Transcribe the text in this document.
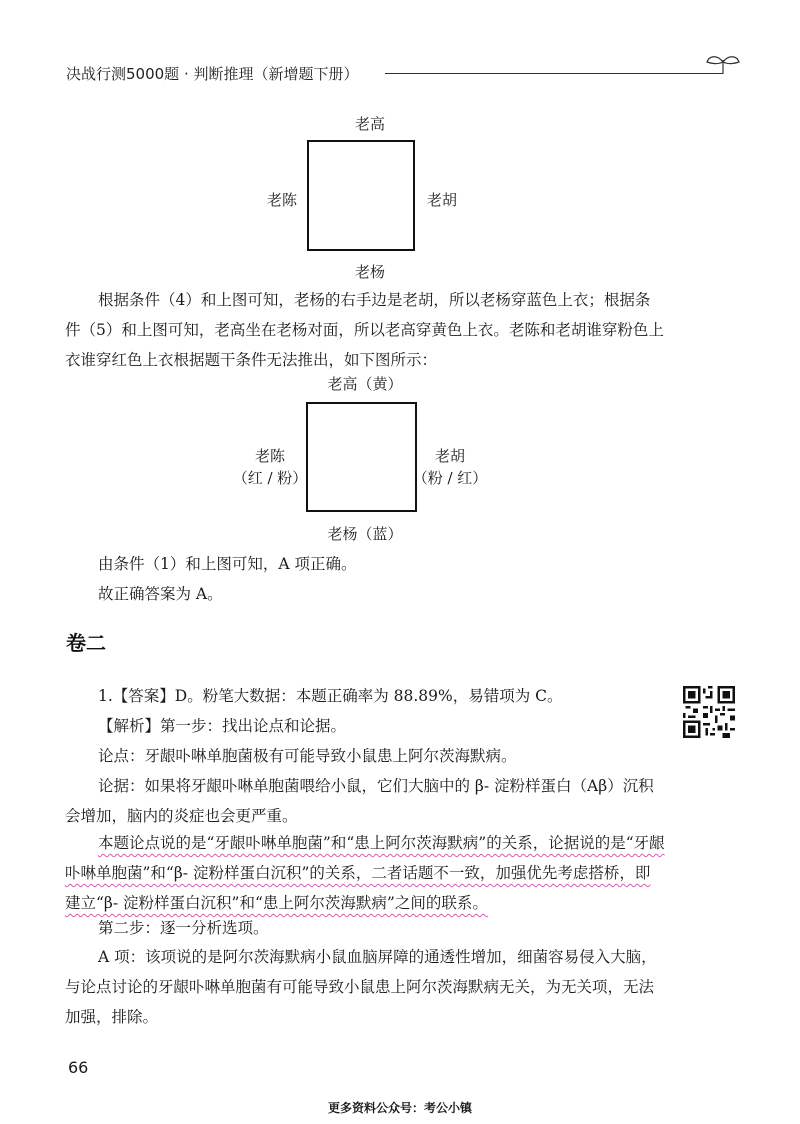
决战行测5000题 · 判断推理（新增题下册）
老高
老陈	老胡
老杨

根据条件（4）和上图可知，老杨的右手边是老胡，所以老杨穿蓝色上衣；根据条件（5）和上图可知，老高坐在老杨对面，所以老高穿黄色上衣。老陈和老胡谁穿粉色上衣谁穿红色上衣根据题干条件无法推出，如下图所示：

老高（黄）
老陈
（红 / 粉）
老胡
（粉 / 红）
老杨（蓝）

由条件（1）和上图可知，A 项正确。

故正确答案为 A。

卷二

1.【答案】D。粉笔大数据：本题正确率为 88.89%，易错项为 C。

【解析】第一步：找出论点和论据。

论点：牙龈卟啉单胞菌极有可能导致小鼠患上阿尔茨海默病。

论据：如果将牙龈卟啉单胞菌喂给小鼠，它们大脑中的 β- 淀粉样蛋白（Aβ）沉积会增加，脑内的炎症也会更严重。

本题论点说的是“牙龈卟啉单胞菌”和“患上阿尔茨海默病”的关系，论据说的是“牙龈卟啉单胞菌”和“β- 淀粉样蛋白沉积”的关系，二者话题不一致，加强优先考虑搭桥，即建立“β- 淀粉样蛋白沉积”和“患上阿尔茨海默病”之间的联系。

第二步：逐一分析选项。

A 项：该项说的是阿尔茨海默病小鼠血脑屏障的通透性增加，细菌容易侵入大脑，与论点讨论的牙龈卟啉单胞菌有可能导致小鼠患上阿尔茨海默病无关，为无关项，无法加强，排除。

66
更多资料公众号：考公小镇
